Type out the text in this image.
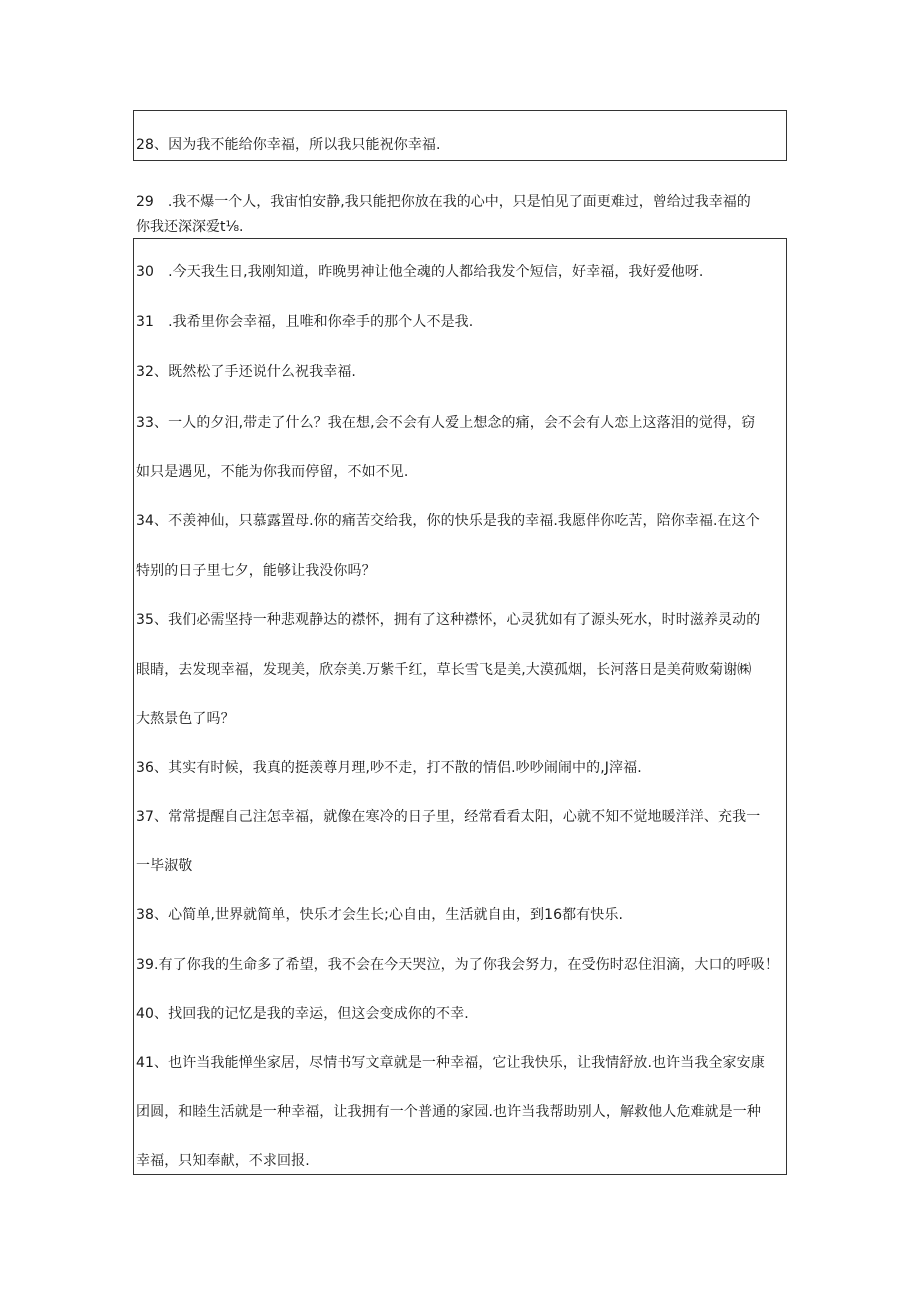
28、因为我不能给你幸福，所以我只能祝你幸福.
29　.我不爆一个人，我宙怕安静,我只能把你放在我的心中，只是怕见了面更难过，曾给过我幸福的
你我还深深爱t⅛.
30　.今天我生日,我刚知道，昨晚男神让他全魂的人都给我发个短信，好幸福，我好爱他呀.
31　.我希里你会幸福，且唯和你牵手的那个人不是我.
32、既然松了手还说什么祝我幸福.
33、一人的夕汨,带走了什么？我在想,会不会有人爱上想念的痛，会不会有人恋上这落泪的觉得，窃
如只是遇见，不能为你我而停留，不如不见.
34、不羡神仙，只慕露置母.你的痛苦交给我，你的快乐是我的幸福.我愿伴你吃苦，陪你幸福.在这个
特别的日子里七夕，能够让我没你吗？
35、我们必需坚持一种悲观静达的襟怀，拥有了这种襟怀，心灵犹如有了源头死水，时时滋养灵动的
眼睛，去发现幸福，发现美，欣奈美.万紫千红，草长雪飞是美,大漠孤烟，长河落日是美荷败菊谢㈱
大熬景色了吗？
36、其实有时候，我真的挺羡尊月理,吵不走，打不散的情侣.吵吵闹闹中的,J滓福.
37、常常提醒自己注怎幸福，就像在寒冷的日子里，经常看看太阳，心就不知不觉地暖洋洋、充我一
一毕淑敬
38、心简单,世界就简单，快乐才会生长;心自由，生活就自由，到16都有快乐.
39.有了你我的生命多了希望，我不会在今天哭泣，为了你我会努力，在受伤时忍住泪滴，大口的呼吸！
40、找回我的记忆是我的幸运，但这会变成你的不幸.
41、也许当我能惮坐家居，尽情书写文章就是一种幸福，它让我快乐，让我情舒放.也许当我全家安康
团圆，和睦生活就是一种幸福，让我拥有一个普通的家园.也许当我帮助别人，解救他人危难就是一种
幸福，只知奉献，不求回报.
